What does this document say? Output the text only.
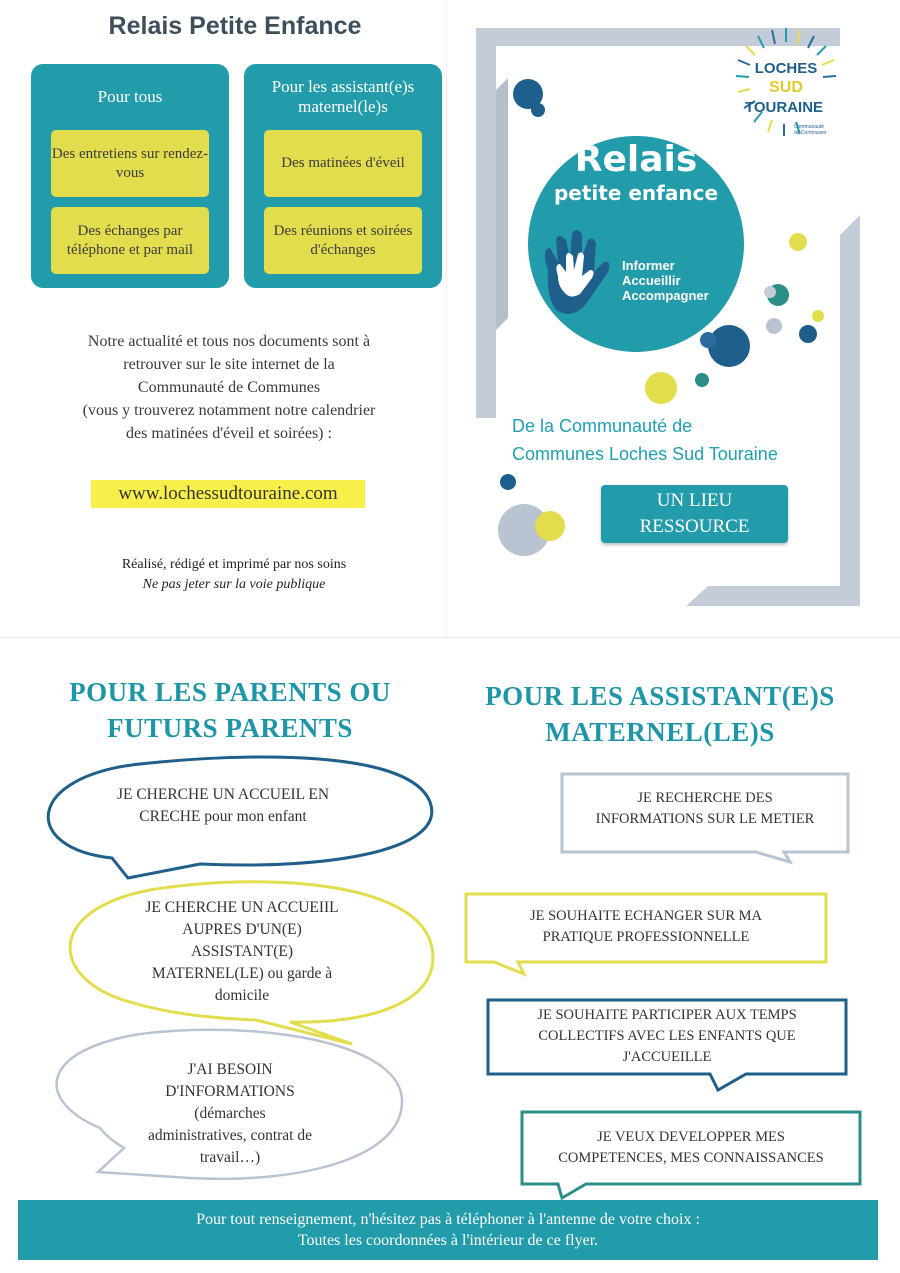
Relais Petite Enfance
Pour tous
Des entretiens sur rendez-vous
Des échanges par téléphone et par mail
Pour les assistant(e)s maternel(le)s
Des matinées d'éveil
Des réunions et soirées d'échanges
Notre actualité et tous nos documents sont à
retrouver sur le site internet de la
Communauté de Communes
(vous y trouverez notamment notre calendrier
des matinées d'éveil et soirées) :
www.lochessudtouraine.com
Réalisé, rédigé et imprimé par nos soins
Ne pas jeter sur la voie publique
LOCHES
SUD
TOURAINE
Communauté
de Communes
Relais
petite enfance
Informer
Accueillir
Accompagner
De la Communauté de
Communes Loches Sud Touraine
UN LIEU
RESSOURCE
POUR LES PARENTS OU
FUTURS PARENTS
JE CHERCHE UN ACCUEIL EN
CRECHE pour mon enfant
JE CHERCHE UN ACCUEIIL
AUPRES D'UN(E)
ASSISTANT(E)
MATERNEL(LE) ou garde à
domicile
J'AI BESOIN
D'INFORMATIONS
(démarches
administratives, contrat de
travail…)
POUR LES ASSISTANT(E)S
MATERNEL(LE)S
JE RECHERCHE DES
INFORMATIONS SUR LE METIER
JE SOUHAITE ECHANGER SUR MA
PRATIQUE PROFESSIONNELLE
JE SOUHAITE PARTICIPER AUX TEMPS
COLLECTIFS AVEC LES ENFANTS QUE
J'ACCUEILLE
JE VEUX DEVELOPPER MES
COMPETENCES, MES CONNAISSANCES
Pour tout renseignement, n'hésitez pas à téléphoner à l'antenne de votre choix :
Toutes les coordonnées à l'intérieur de ce flyer.
